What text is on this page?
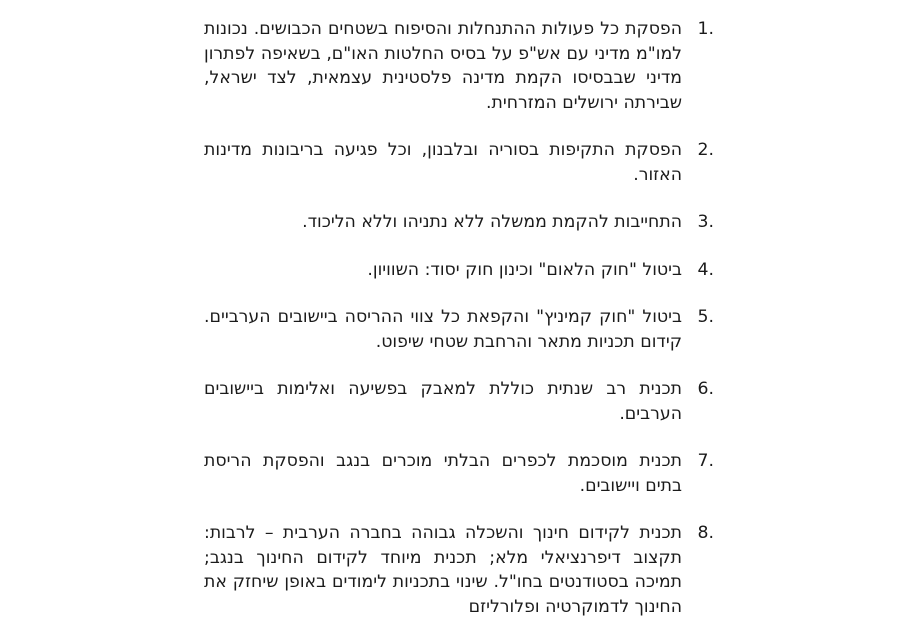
1.
הפסקת כל פעולות ההתנחלות והסיפוח בשטחים הכבושים. נכונות למו"מ מדיני עם אש"פ על בסיס החלטות האו"ם, בשאיפה לפתרון מדיני שבבסיסו הקמת מדינה פלסטינית עצמאית, לצד ישראל, שבירתה ירושלים המזרחית.
2.
הפסקת התקיפות בסוריה ובלבנון, וכל פגיעה בריבונות מדינות האזור.
3.
התחייבות להקמת ממשלה ללא נתניהו וללא הליכוד.
4.
ביטול "חוק הלאום" וכינון חוק יסוד: השוויון.
5.
ביטול "חוק קמיניץ" והקפאת כל צווי ההריסה ביישובים הערביים. קידום תכניות מתאר והרחבת שטחי שיפוט.
6.
תכנית רב שנתית כוללת למאבק בפשיעה ואלימות ביישובים הערבים.
7.
תכנית מוסכמת לכפרים הבלתי מוכרים בנגב והפסקת הריסת בתים ויישובים.
8.
תכנית לקידום חינוך והשכלה גבוהה בחברה הערבית – לרבות: תקצוב דיפרנציאלי מלא; תכנית מיוחד לקידום החינוך בנגב; תמיכה בסטודנטים בחו"ל. שינוי בתכניות לימודים באופן שיחזק את החינוך לדמוקרטיה ופלורליזם
